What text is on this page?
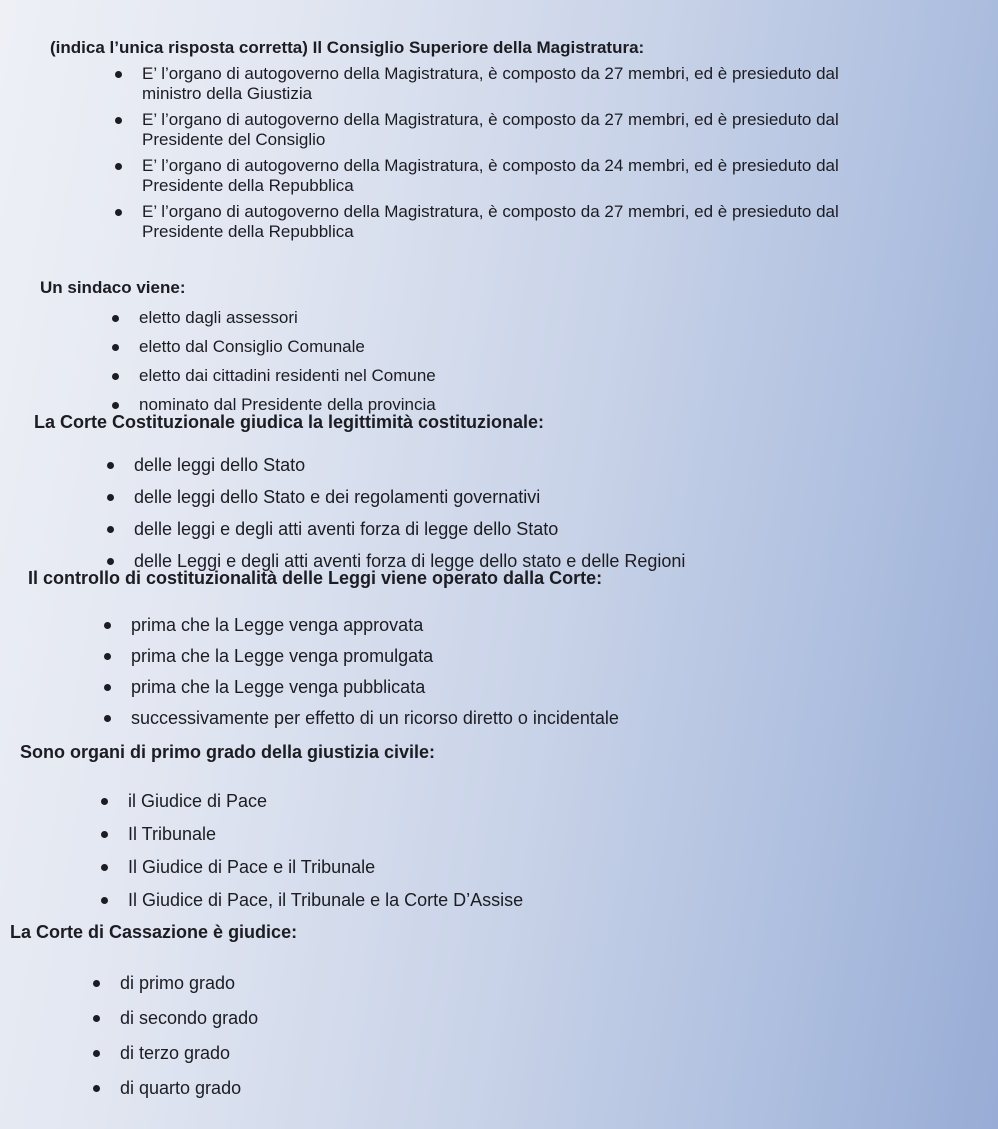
(indica l’unica risposta corretta) Il Consiglio Superiore della Magistratura:

E’ l’organo di autogoverno della Magistratura, è composto da 27 membri, ed è presieduto dal
ministro della Giustizia
E’ l’organo di autogoverno della Magistratura, è composto da 27 membri, ed è presieduto dal
Presidente del Consiglio
E’ l’organo di autogoverno della Magistratura, è composto da 24 membri, ed è presieduto dal
Presidente della Repubblica
E’ l’organo di autogoverno della Magistratura, è composto da 27 membri, ed è presieduto dal
Presidente della Repubblica

Un sindaco viene:

eletto dagli assessori
eletto dal Consiglio Comunale
eletto dai cittadini residenti nel Comune
nominato dal Presidente della provincia

La Corte Costituzionale giudica la legittimità costituzionale:

delle leggi dello Stato
delle leggi dello Stato e dei regolamenti governativi
delle leggi e degli atti aventi forza di legge dello Stato
delle Leggi e degli atti aventi forza di legge dello stato e delle Regioni

Il controllo di costituzionalità delle Leggi viene operato dalla Corte:

prima che la Legge venga approvata
prima che la Legge venga promulgata
prima che la Legge venga pubblicata
successivamente per effetto di un ricorso diretto o incidentale

Sono organi di primo grado della giustizia civile:

il Giudice di Pace
Il Tribunale
Il Giudice di Pace e il Tribunale
Il Giudice di Pace, il Tribunale e la Corte D’Assise

La Corte di Cassazione è giudice:

di primo grado
di secondo grado
di terzo grado
di quarto grado
